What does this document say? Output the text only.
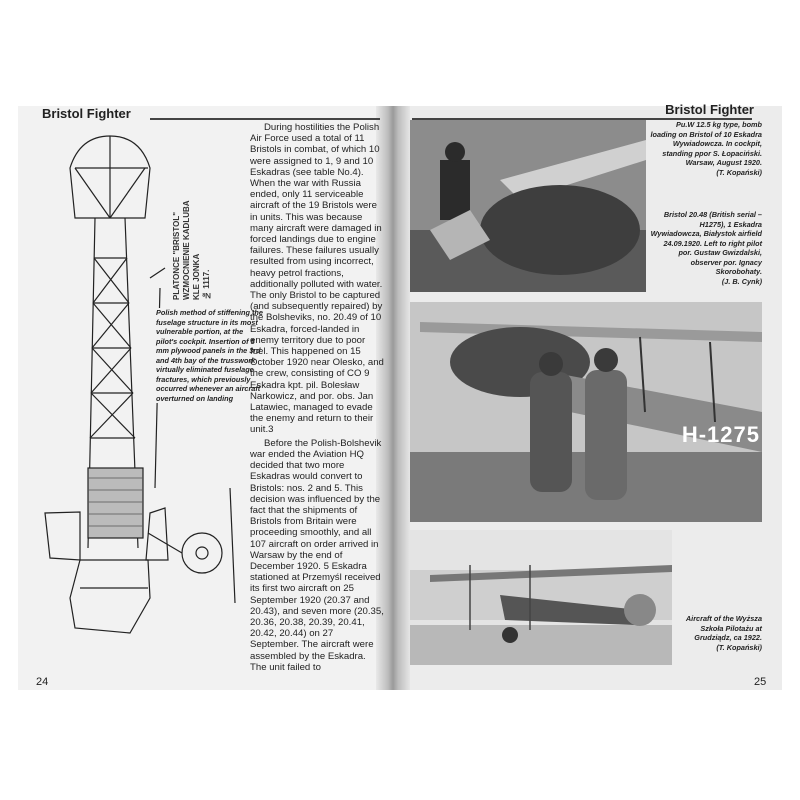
Bristol Fighter	Bristol Fighter
PLATONCE "BRISTOL"
WZMOCNIENIE KADLUBA
KLE JONKA
№ 1117.
Polish method of stiffening the fuselage structure in its most vulnerable portion, at the pilot's cockpit. Insertion of 5 mm plywood panels in the 3rd and 4th bay of the trusswork virtually eliminated fuselage fractures, which previously occurred whenever an aircraft overturned on landing

During hostilities the Polish Air Force used a total of 11 Bristols in combat, of which 10 were assigned to 1, 9 and 10 Eskadras (see table No.4). When the war with Russia ended, only 11 serviceable aircraft of the 19 Bristols were in units. This was because many aircraft were damaged in forced landings due to engine failures. These failures usually resulted from using incorrect, heavy petrol fractions, additionally polluted with water. The only Bristol to be captured (and subsequently repaired) by the Bolsheviks, no. 20.49 of 10 Eskadra, forced-landed in enemy territory due to poor fuel. This happened on 15 October 1920 near Olesko, and the crew, consisting of CO 9 Eskadra kpt. pil. Bolesław Narkowicz, and por. obs. Jan Latawiec, managed to evade the enemy and return to their unit.3

Before the Polish-Bolshevik war ended the Aviation HQ decided that two more Eskadras would convert to Bristols: nos. 2 and 5. This decision was influenced by the fact that the shipments of Bristols from Britain were proceeding smoothly, and all 107 aircraft on order arrived in Warsaw by the end of December 1920. 5 Eskadra stationed at Przemyśl received its first two aircraft on 25 September 1920 (20.37 and 20.43), and seven more (20.35, 20.36, 20.38, 20.39, 20.41, 20.42, 20.44) on 27 September. The aircraft were assembled by the Eskadra. The unit failed to

H-1275
Pu.W 12.5 kg type, bomb loading on Bristol of 10 Eskadra Wywiadowcza. In cockpit, standing ppor S. Łopaciński. Warsaw, August 1920.
(T. Kopański)
Bristol 20.48 (British serial – H1275), 1 Eskadra Wywiadowcza, Białystok airfield 24.09.1920. Left to right pilot por. Gustaw Gwizdalski, observer por. Ignacy Skorobohaty.
(J. B. Cynk)
Aircraft of the Wyższa Szkoła Pilotażu at Grudziądz, ca 1922.
(T. Kopański)
24	25
